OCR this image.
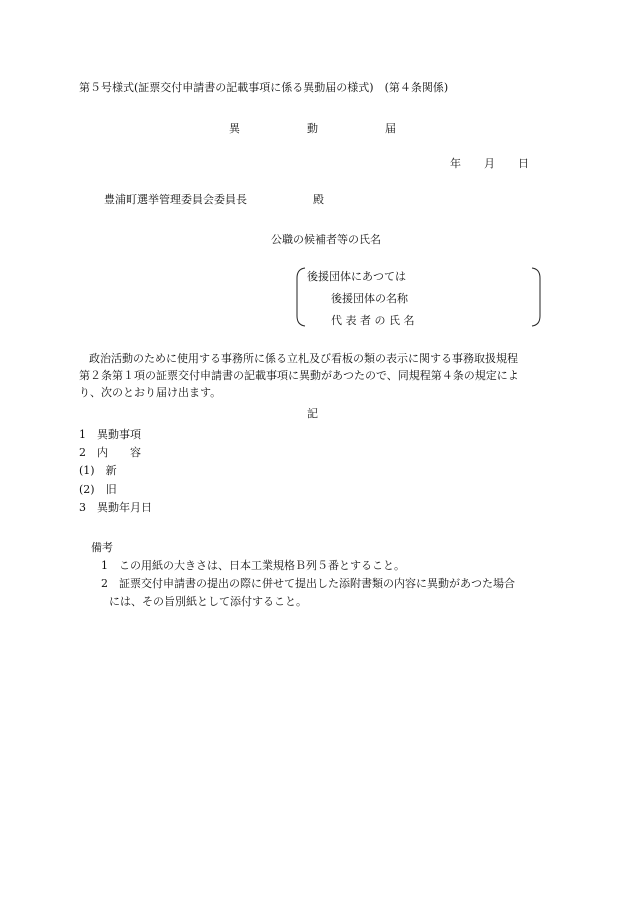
第５号様式(証票交付申請書の記載事項に係る異動届の様式)　(第４条関係)
異	動	届
年 月 日
豊浦町選挙管理委員会委員長	殿
公職の候補者等の氏名
後援団体にあつては
後援団体の名称
代 表 者 の 氏 名
政治活動のために使用する事務所に係る立札及び看板の類の表示に関する事務取扱規程
第２条第１項の証票交付申請書の記載事項に異動があつたので、同規程第４条の規定によ
り、次のとおり届け出ます。
記
1　異動事項
2　内　　容
(1)　新
(2)　旧
3　異動年月日
備考
1　この用紙の大きさは、日本工業規格Ｂ列５番とすること。
2　証票交付申請書の提出の際に併せて提出した添附書類の内容に異動があつた場合
には、その旨別紙として添付すること。
